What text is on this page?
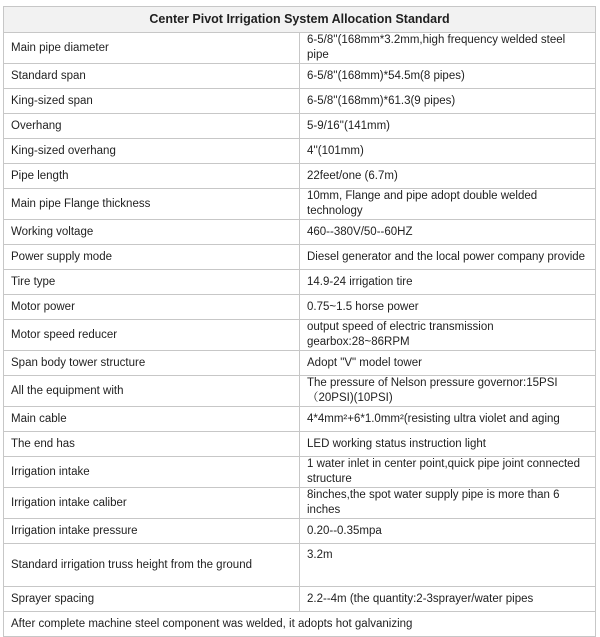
Center Pivot Irrigation System Allocation Standard	
Main pipe diameter	6-5/8''(168mm*3.2mm,high frequency welded steel pipe
Standard span	6-5/8''(168mm)*54.5m(8 pipes)
King-sized span	6-5/8''(168mm)*61.3(9 pipes)
Overhang	5-9/16''(141mm)
King-sized overhang	4''(101mm)
Pipe length	22feet/one (6.7m)
Main pipe Flange thickness	10mm, Flange and pipe adopt double welded technology
Working voltage	460--380V/50--60HZ
Power supply mode	Diesel generator and the local power company provide
Tire type	14.9-24 irrigation tire
Motor power	0.75~1.5 horse power
Motor speed reducer	output speed of electric transmission gearbox:28~86RPM
Span body tower structure	Adopt "V" model tower
All the equipment with	The pressure of Nelson pressure governor:15PSI （20PSI)(10PSI)
Main cable	4*4mm²+6*1.0mm²(resisting ultra violet and aging
The end has	LED working status instruction light
Irrigation intake	1 water inlet in center point,quick pipe joint connected structure
Irrigation intake caliber	8inches,the spot water supply pipe is more than 6 inches
Irrigation intake pressure	0.20--0.35mpa
Standard irrigation truss height from the ground	3.2m
Sprayer spacing	2.2--4m (the quantity:2-3sprayer/water pipes
After complete machine steel component was welded, it adopts hot galvanizing	
